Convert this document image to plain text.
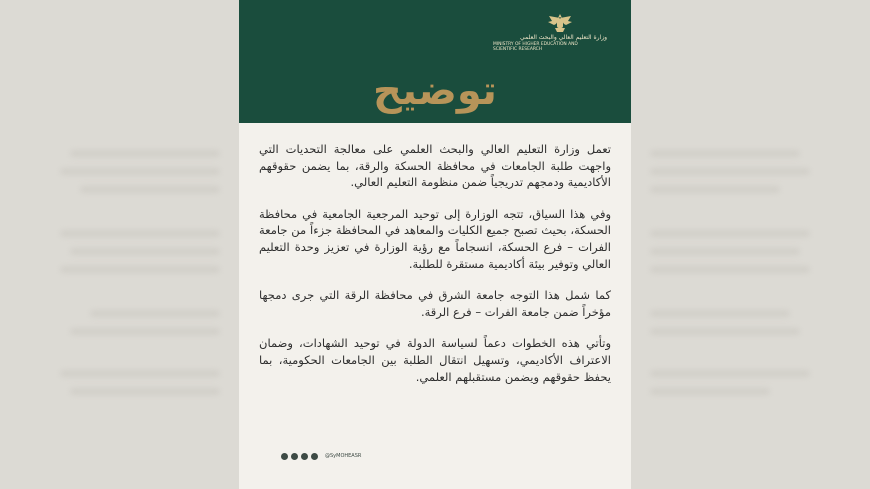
وزارة التعليم العالي والبحث العلمي
MINISTRY OF HIGHER EDUCATION AND SCIENTIFIC RESEARCH
توضيح

تعمل وزارة التعليم العالي والبحث العلمي على معالجة التحديات التي واجهت طلبة الجامعات في محافظة الحسكة والرقة، بما يضمن حقوقهم الأكاديمية ودمجهم تدريجياً ضمن منظومة التعليم العالي.

وفي هذا السياق، تتجه الوزارة إلى توحيد المرجعية الجامعية في محافظة الحسكة، بحيث تصبح جميع الكليات والمعاهد في المحافظة جزءاً من جامعة الفرات – فرع الحسكة، انسجاماً مع رؤية الوزارة في تعزيز وحدة التعليم العالي وتوفير بيئة أكاديمية مستقرة للطلبة.

كما شمل هذا التوجه جامعة الشرق في محافظة الرقة التي جرى دمجها مؤخراً ضمن جامعة الفرات – فرع الرقة.

وتأتي هذه الخطوات دعماً لسياسة الدولة في توحيد الشهادات، وضمان الاعتراف الأكاديمي، وتسهيل انتقال الطلبة بين الجامعات الحكومية، بما يحفظ حقوقهم ويضمن مستقبلهم العلمي.

@SyMOHEASR
